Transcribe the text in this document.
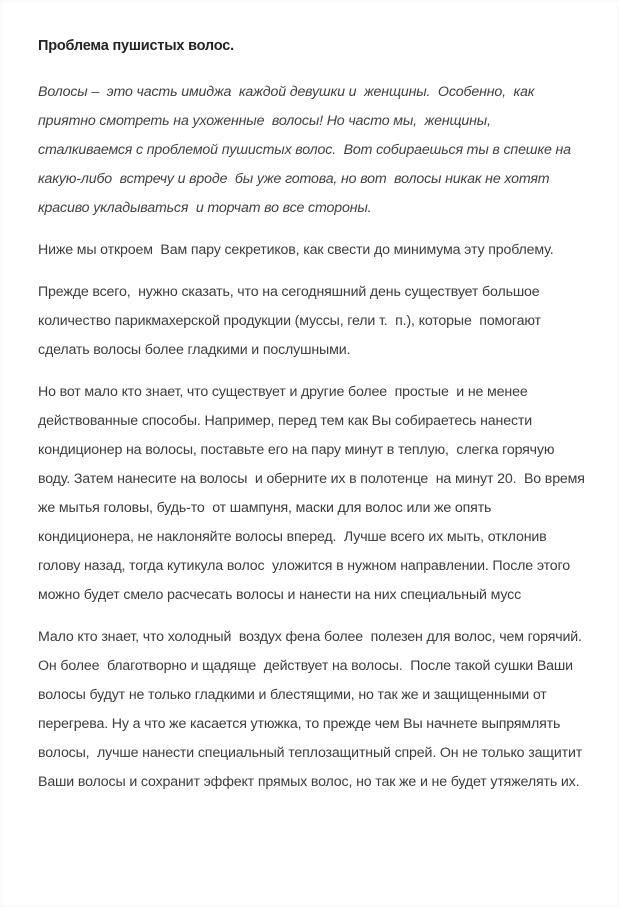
Проблема пушистых волос.

Волосы –  это часть имиджа  каждой девушки и  женщины.  Особенно,  как приятно смотреть на ухоженные  волосы! Но часто мы,  женщины,  сталкиваемся с проблемой пушистых волос.  Вот собираешься ты в спешке на какую-либо  встречу и вроде  бы уже готова, но вот  волосы никак не хотят красиво укладываться  и торчат во все стороны.

Ниже мы откроем  Вам пару секретиков, как свести до минимума эту проблему.

Прежде всего,  нужно сказать, что на сегодняшний день существует большое  количество парикмахерской продукции (муссы, гели т.  п.), которые  помогают сделать волосы более гладкими и послушными.

Но вот мало кто знает, что существует и другие более  простые  и не менее действованные способы. Например, перед тем как Вы собираетесь нанести кондиционер на волосы, поставьте его на пару минут в теплую,  слегка горячую  воду. Затем нанесите на волосы  и оберните их в полотенце  на минут 20.  Во время же мытья головы, будь-то  от шампуня, маски для волос или же опять кондиционера, не наклоняйте волосы вперед.  Лучше всего их мыть, отклонив голову назад, тогда кутикула волос  уложится в нужном направлении. После этого  можно будет смело расчесать волосы и нанести на них специальный мусс

Мало кто знает, что холодный  воздух фена более  полезен для волос, чем горячий. Он более  благотворно и щадяще  действует на волосы.  После такой сушки Ваши волосы будут не только гладкими и блестящими, но так же и защищенными от перегрева. Ну а что же касается утюжка, то прежде чем Вы начнете выпрямлять волосы,  лучше нанести специальный теплозащитный спрей. Он не только защитит Ваши волосы и сохранит эффект прямых волос, но так же и не будет утяжелять их.
